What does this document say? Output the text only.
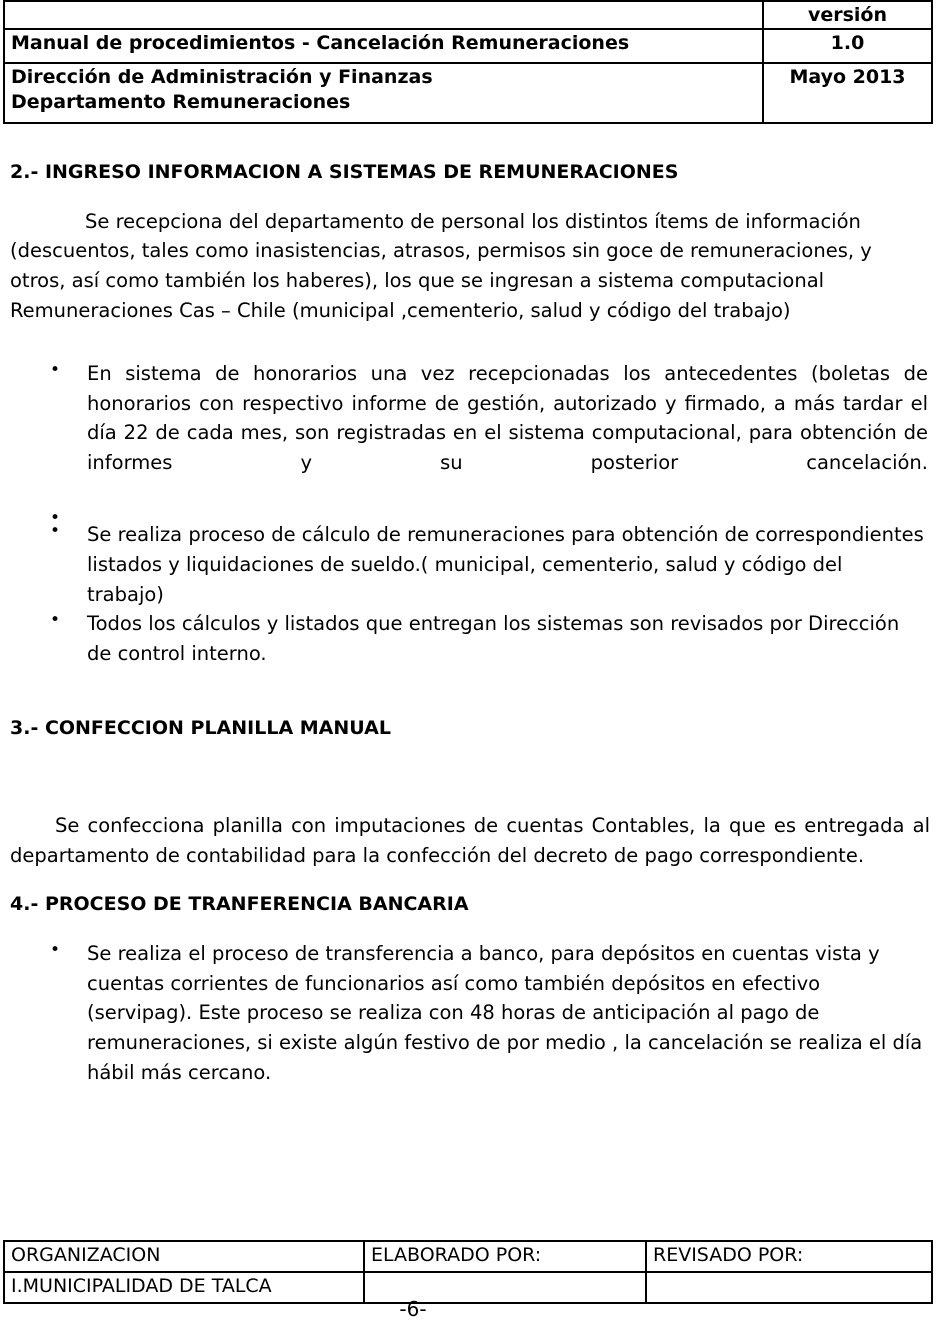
	versión
Manual de procedimientos - Cancelación Remuneraciones	1.0

Dirección de Administración y Finanzas
Departamento Remuneraciones	Mayo 2013
2.- INGRESO INFORMACION A SISTEMAS DE REMUNERACIONES

Se recepciona del departamento de personal los distintos ítems de información (descuentos, tales como inasistencias, atrasos, permisos sin goce de remuneraciones, y otros, así como también los haberes), los que se ingresan a sistema computacional Remuneraciones Cas – Chile (municipal ,cementerio, salud y código del trabajo)

• En sistema de honorarios una vez recepcionadas los antecedentes (boletas de honorarios con respectivo informe de gestión, autorizado y firmado, a más tardar el día 22 de cada mes, son registradas en el sistema computacional, para obtención de informes y su posterior cancelación.
•
• Se realiza proceso de cálculo de remuneraciones para obtención de correspondientes listados y liquidaciones de sueldo.( municipal, cementerio, salud y código del trabajo)
• Todos los cálculos y listados que entregan los sistemas son revisados por Dirección de control interno.
3.- CONFECCION PLANILLA MANUAL

Se confecciona planilla con imputaciones de cuentas Contables, la que es entregada al departamento de contabilidad para la confección del decreto de pago correspondiente.

4.- PROCESO DE TRANFERENCIA BANCARIA
• Se realiza el proceso de transferencia a banco, para depósitos en cuentas vista y cuentas corrientes de funcionarios así como también depósitos en efectivo (servipag). Este proceso se realiza con 48 horas de anticipación al pago de remuneraciones, si existe algún festivo de por medio , la cancelación se realiza el día hábil más cercano.
ORGANIZACION	ELABORADO POR:	REVISADO POR:
I.MUNICIPALIDAD DE TALCA		
-6-
